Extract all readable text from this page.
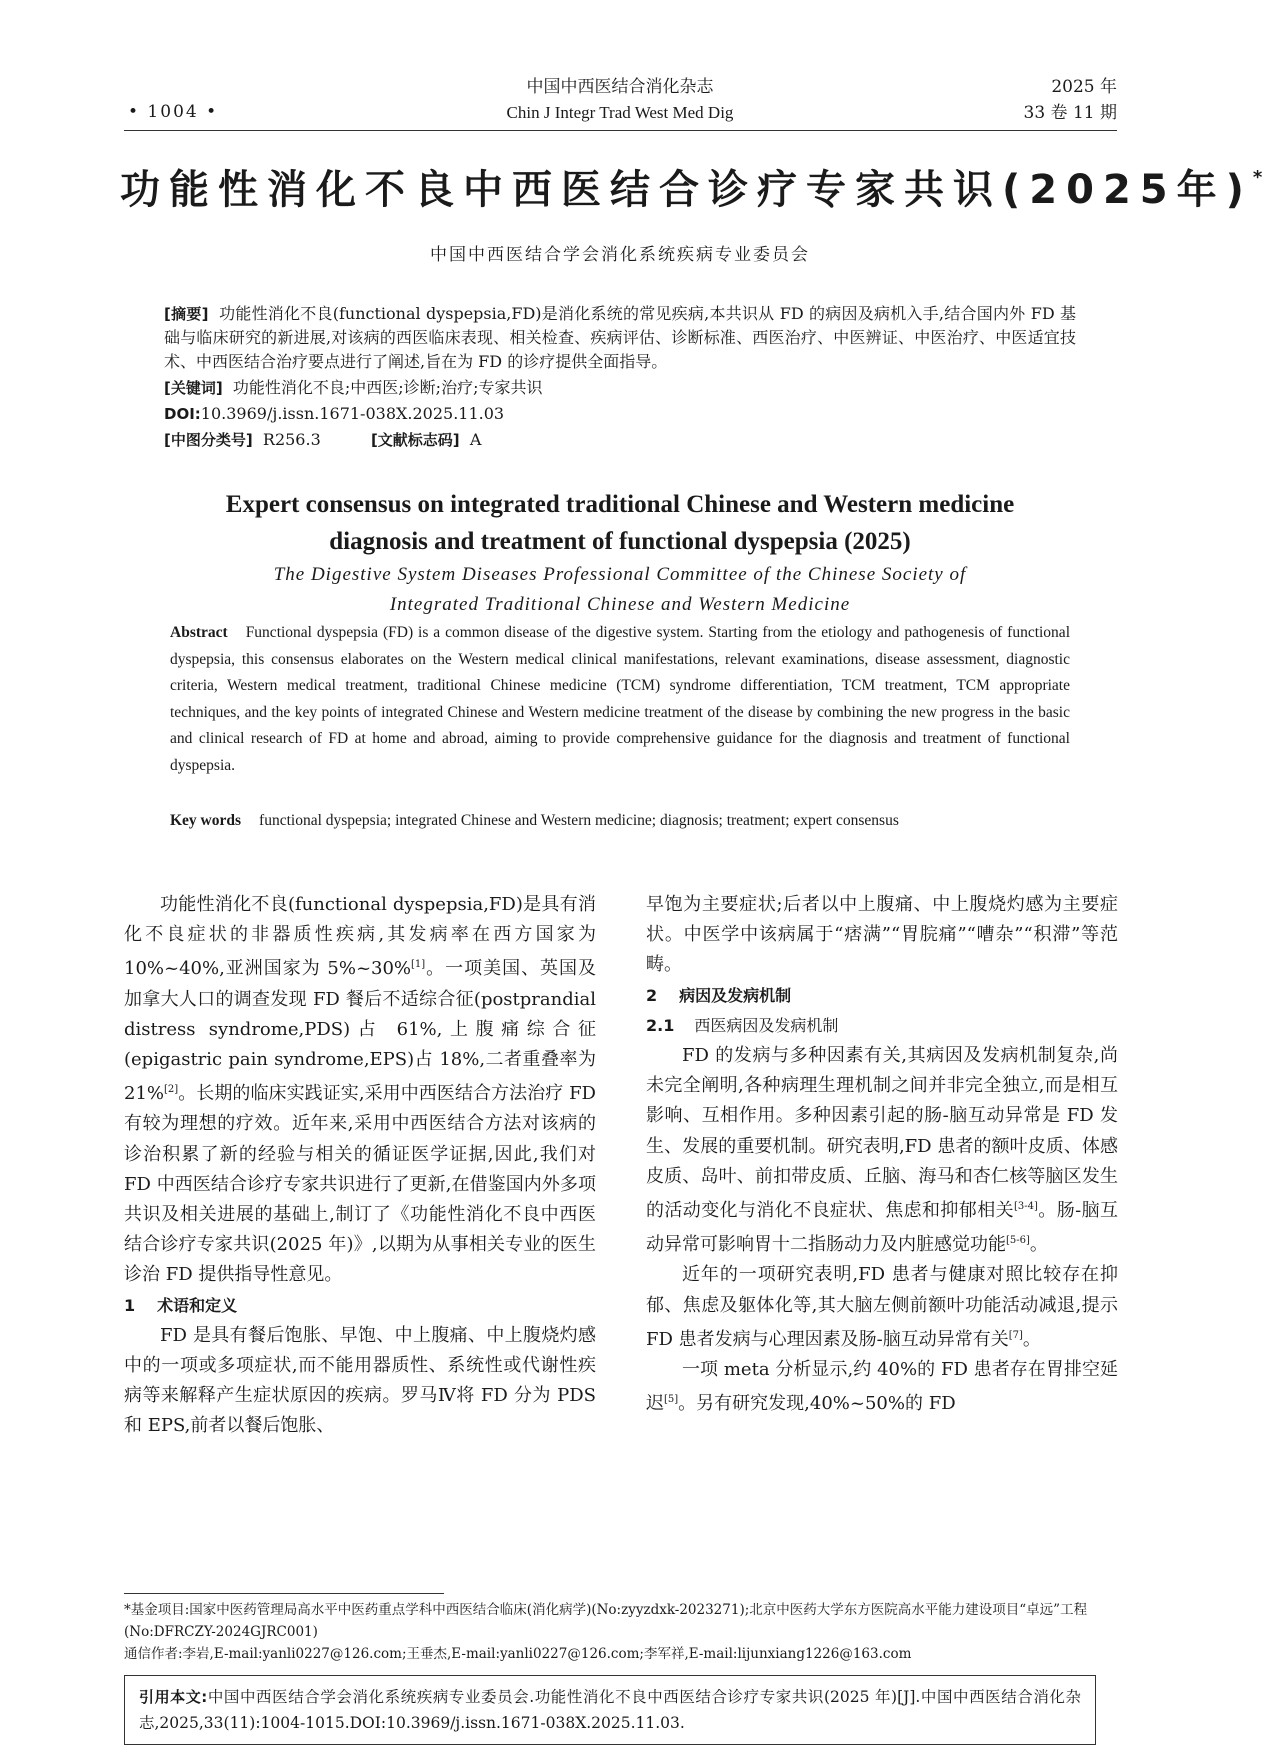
• 1004 •
中国中西医结合消化杂志
Chin J Integr Trad West Med Dig
2025 年
33 卷 11 期
功能性消化不良中西医结合诊疗专家共识(2025年)*
中国中西医结合学会消化系统疾病专业委员会
[摘要] 功能性消化不良(functional dyspepsia,FD)是消化系统的常见疾病,本共识从 FD 的病因及病机入手,结合国内外 FD 基础与临床研究的新进展,对该病的西医临床表现、相关检查、疾病评估、诊断标准、西医治疗、中医辨证、中医治疗、中医适宜技术、中西医结合治疗要点进行了阐述,旨在为 FD 的诊疗提供全面指导。
[关键词] 功能性消化不良;中西医;诊断;治疗;专家共识
DOI:10.3969/j.issn.1671-038X.2025.11.03
[中图分类号] R256.3	[文献标志码] A
Expert consensus on integrated traditional Chinese and Western medicine
diagnosis and treatment of functional dyspepsia (2025)
The Digestive System Diseases Professional Committee of the Chinese Society of
Integrated Traditional Chinese and Western Medicine
Abstract Functional dyspepsia (FD) is a common disease of the digestive system. Starting from the etiology and pathogenesis of functional dyspepsia, this consensus elaborates on the Western medical clinical manifestations, relevant examinations, disease assessment, diagnostic criteria, Western medical treatment, traditional Chinese medicine (TCM) syndrome differentiation, TCM treatment, TCM appropriate techniques, and the key points of integrated Chinese and Western medicine treatment of the disease by combining the new progress in the basic and clinical research of FD at home and abroad, aiming to provide comprehensive guidance for the diagnosis and treatment of functional dyspepsia.
Key words functional dyspepsia; integrated Chinese and Western medicine; diagnosis; treatment; expert consensus

功能性消化不良(functional dyspepsia,FD)是具有消化不良症状的非器质性疾病,其发病率在西方国家为 10%~40%,亚洲国家为 5%~30%[1]。一项美国、英国及加拿大人口的调查发现 FD 餐后不适综合征(postprandial distress syndrome,PDS)占 61%,上腹痛综合征(epigastric pain syndrome,EPS)占 18%,二者重叠率为 21%[2]。长期的临床实践证实,采用中西医结合方法治疗 FD 有较为理想的疗效。近年来,采用中西医结合方法对该病的诊治积累了新的经验与相关的循证医学证据,因此,我们对 FD 中西医结合诊疗专家共识进行了更新,在借鉴国内外多项共识及相关进展的基础上,制订了《功能性消化不良中西医结合诊疗专家共识(2025 年)》,以期为从事相关专业的医生诊治 FD 提供指导性意见。

1 术语和定义

FD 是具有餐后饱胀、早饱、中上腹痛、中上腹烧灼感中的一项或多项症状,而不能用器质性、系统性或代谢性疾病等来解释产生症状原因的疾病。罗马Ⅳ将 FD 分为 PDS 和 EPS,前者以餐后饱胀、

早饱为主要症状;后者以中上腹痛、中上腹烧灼感为主要症状。中医学中该病属于“痞满”“胃脘痛”“嘈杂”“积滞”等范畴。

2 病因及发病机制

2.1 西医病因及发病机制

FD 的发病与多种因素有关,其病因及发病机制复杂,尚未完全阐明,各种病理生理机制之间并非完全独立,而是相互影响、互相作用。多种因素引起的肠-脑互动异常是 FD 发生、发展的重要机制。研究表明,FD 患者的额叶皮质、体感皮质、岛叶、前扣带皮质、丘脑、海马和杏仁核等脑区发生的活动变化与消化不良症状、焦虑和抑郁相关[3-4]。肠-脑互动异常可影响胃十二指肠动力及内脏感觉功能[5-6]。

近年的一项研究表明,FD 患者与健康对照比较存在抑郁、焦虑及躯体化等,其大脑左侧前额叶功能活动减退,提示 FD 患者发病与心理因素及肠-脑互动异常有关[7]。

一项 meta 分析显示,约 40%的 FD 患者存在胃排空延迟[5]。另有研究发现,40%~50%的 FD

*基金项目:国家中医药管理局高水平中医药重点学科中西医结合临床(消化病学)(No:zyyzdxk-2023271);北京中医药大学东方医院高水平能力建设项目“卓远”工程(No:DFRCZY-2024GJRC001)
通信作者:李岩,E-mail:yanli0227@126.com;王垂杰,E-mail:yanli0227@126.com;李军祥,E-mail:lijunxiang1226@163.com
引用本文:中国中西医结合学会消化系统疾病专业委员会.功能性消化不良中西医结合诊疗专家共识(2025 年)[J].中国中西医结合消化杂志,2025,33(11):1004-1015.DOI:10.3969/j.issn.1671-038X.2025.11.03.
